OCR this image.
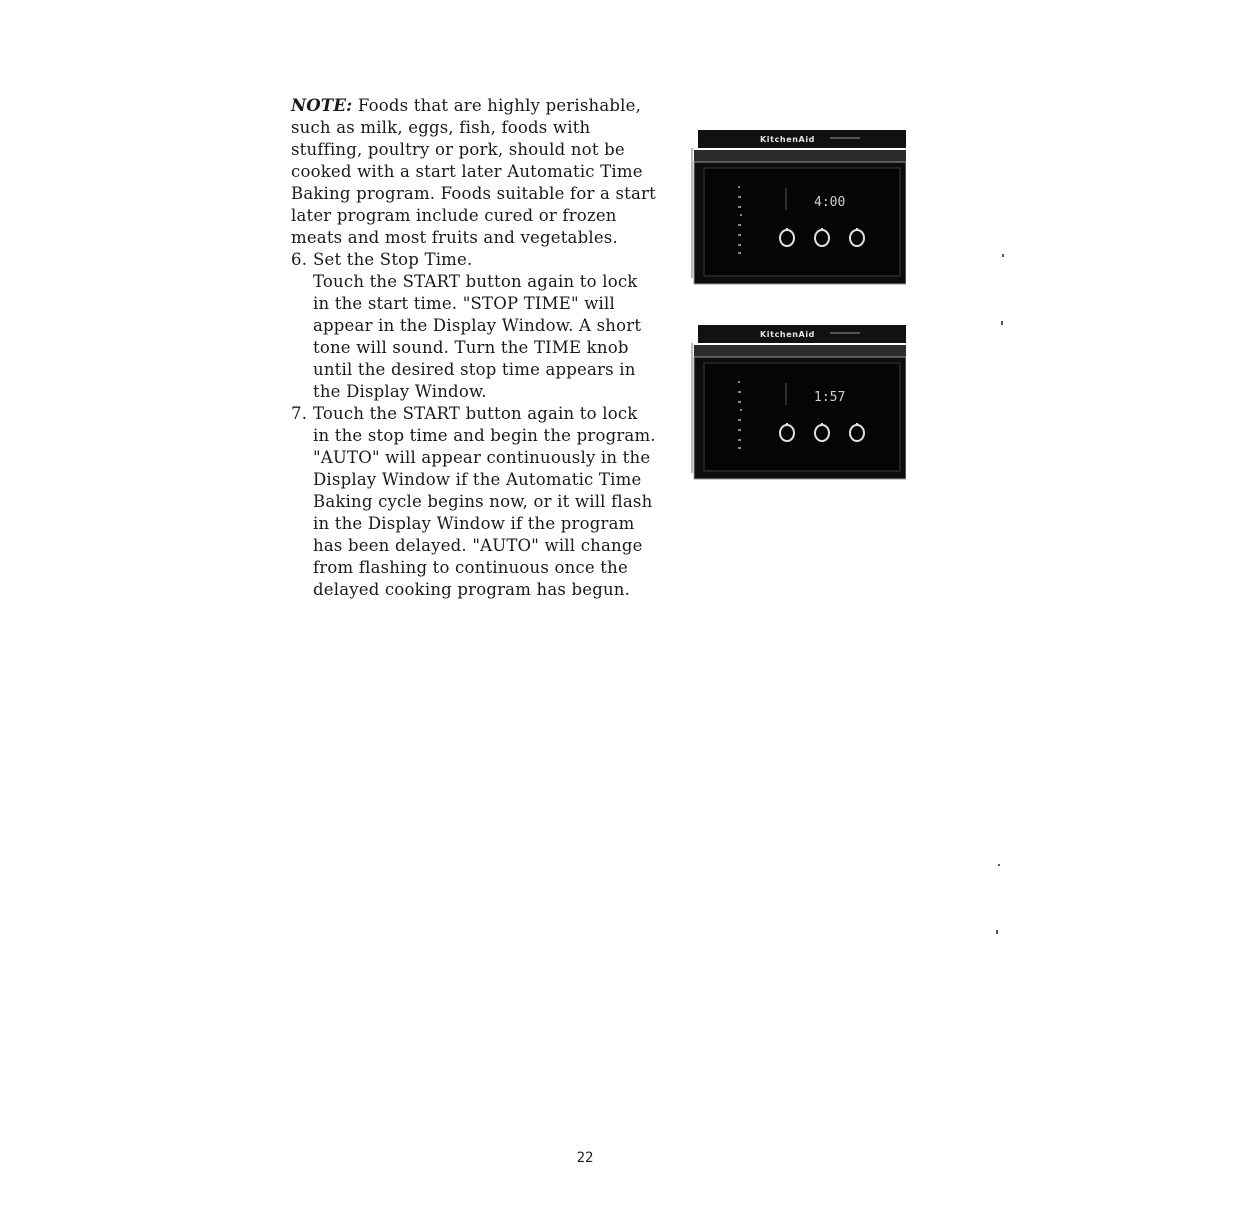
NOTE: Foods that are highly perishable, such as milk, eggs, fish, foods with stuffing, poultry or pork, should not be cooked with a start later Automatic Time Baking program. Foods suitable for a start later program include cured or frozen meats and most fruits and vegetables.

6. Set the Stop Time.
Touch the START button again to lock in the start time. "STOP TIME" will appear in the Display Window. A short tone will sound. Turn the TIME knob until the desired stop time appears in the Display Window.
7. Touch the START button again to lock in the stop time and begin the program. "AUTO" will appear continuously in the Display Window if the Automatic Time Baking cycle begins now, or it will flash in the Display Window if the program has been delayed. "AUTO" will change from flashing to continuous once the delayed cooking program has begun.
KitchenAid
4:00
KitchenAid
1:57
22
